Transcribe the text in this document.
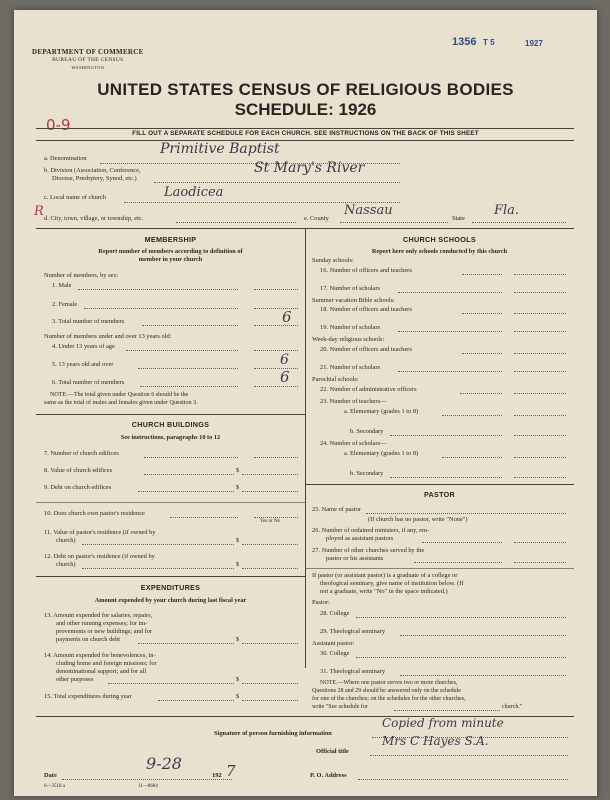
DEPARTMENT OF COMMERCE
BUREAU OF THE CENSUS
WASHINGTON
1356 T 5	1927
UNITED STATES CENSUS OF RELIGIOUS BODIES
SCHEDULE: 1926
0-9	FILL OUT A SEPARATE SCHEDULE FOR EACH CHURCH. SEE INSTRUCTIONS ON THE BACK OF THIS SHEET
a. Denomination
Primitive Baptist
b. Division (Association, Conference,
Diocese, Presbytery, Synod, etc.)
St Mary's River
c. Local name of church	Laodicea
R d. City, town, village, or township, etc.	e. County
Nassau
State
Fla.
MEMBERSHIP
Report number of members according to definition of
member in your church
Number of members, by sex:
1. Male
2. Female
3. Total number of members	6
Number of members under and over 13 years old:
4. Under 13 years of age
5. 13 years old and over	6
6. Total number of members	6
NOTE.—The total given under Question 6 should be the
same as the total of males and females given under Question 3.
CHURCH BUILDINGS
See instructions, paragraphs 10 to 12
7. Number of church edifices
8. Value of church edifices	$
9. Debt on church edifices	$
10. Does church own pastor's residence
Yes or No
11. Value of pastor's residence (if owned by
church)	$
12. Debt on pastor's residence (if owned by
church)	$
EXPENDITURES
Amount expended by your church during last fiscal year
13. Amount expended for salaries, repairs,
and other running expenses; for im-
provements or new buildings; and for
payments on church debt	$
14. Amount expended for benevolences, in-
cluding home and foreign missions; for
denominational support; and for all
other purposes	$
15. Total expenditures during year	$
CHURCH SCHOOLS
Report here only schools conducted by this church
Sunday schools:
16. Number of officers and teachers
17. Number of scholars
Summer vacation Bible schools:
18. Number of officers and teachers
19. Number of scholars
Week-day religious schools:
20. Number of officers and teachers
21. Number of scholars
Parochial schools:
22. Number of administrative officers
23. Number of teachers—
a. Elementary (grades 1 to 8)
b. Secondary
24. Number of scholars—
a. Elementary (grades 1 to 8)
b. Secondary
PASTOR
25. Name of pastor
(If church has no pastor, write "None")
26. Number of ordained ministers, if any, em-
ployed as assistant pastors
27. Number of other churches served by the
pastor or his assistants
If pastor (or assistant pastor) is a graduate of a college or
theological seminary, give name of institution below. (If
not a graduate, write "No" in the space indicated.)
Pastor:
28. College
29. Theological seminary
Assistant pastor:
30. College
31. Theological seminary
NOTE.—Where one pastor serves two or more churches,
Questions 28 and 29 should be answered only on the schedule
for one of the churches; on the schedules for the other churches,
write "See schedule for	church."
Signature of person furnishing information
Copied from minute
Official title
Mrs C Hayes S.A.
Date
9-28
192 7	P. O. Address
6—3518 a	11—8684
